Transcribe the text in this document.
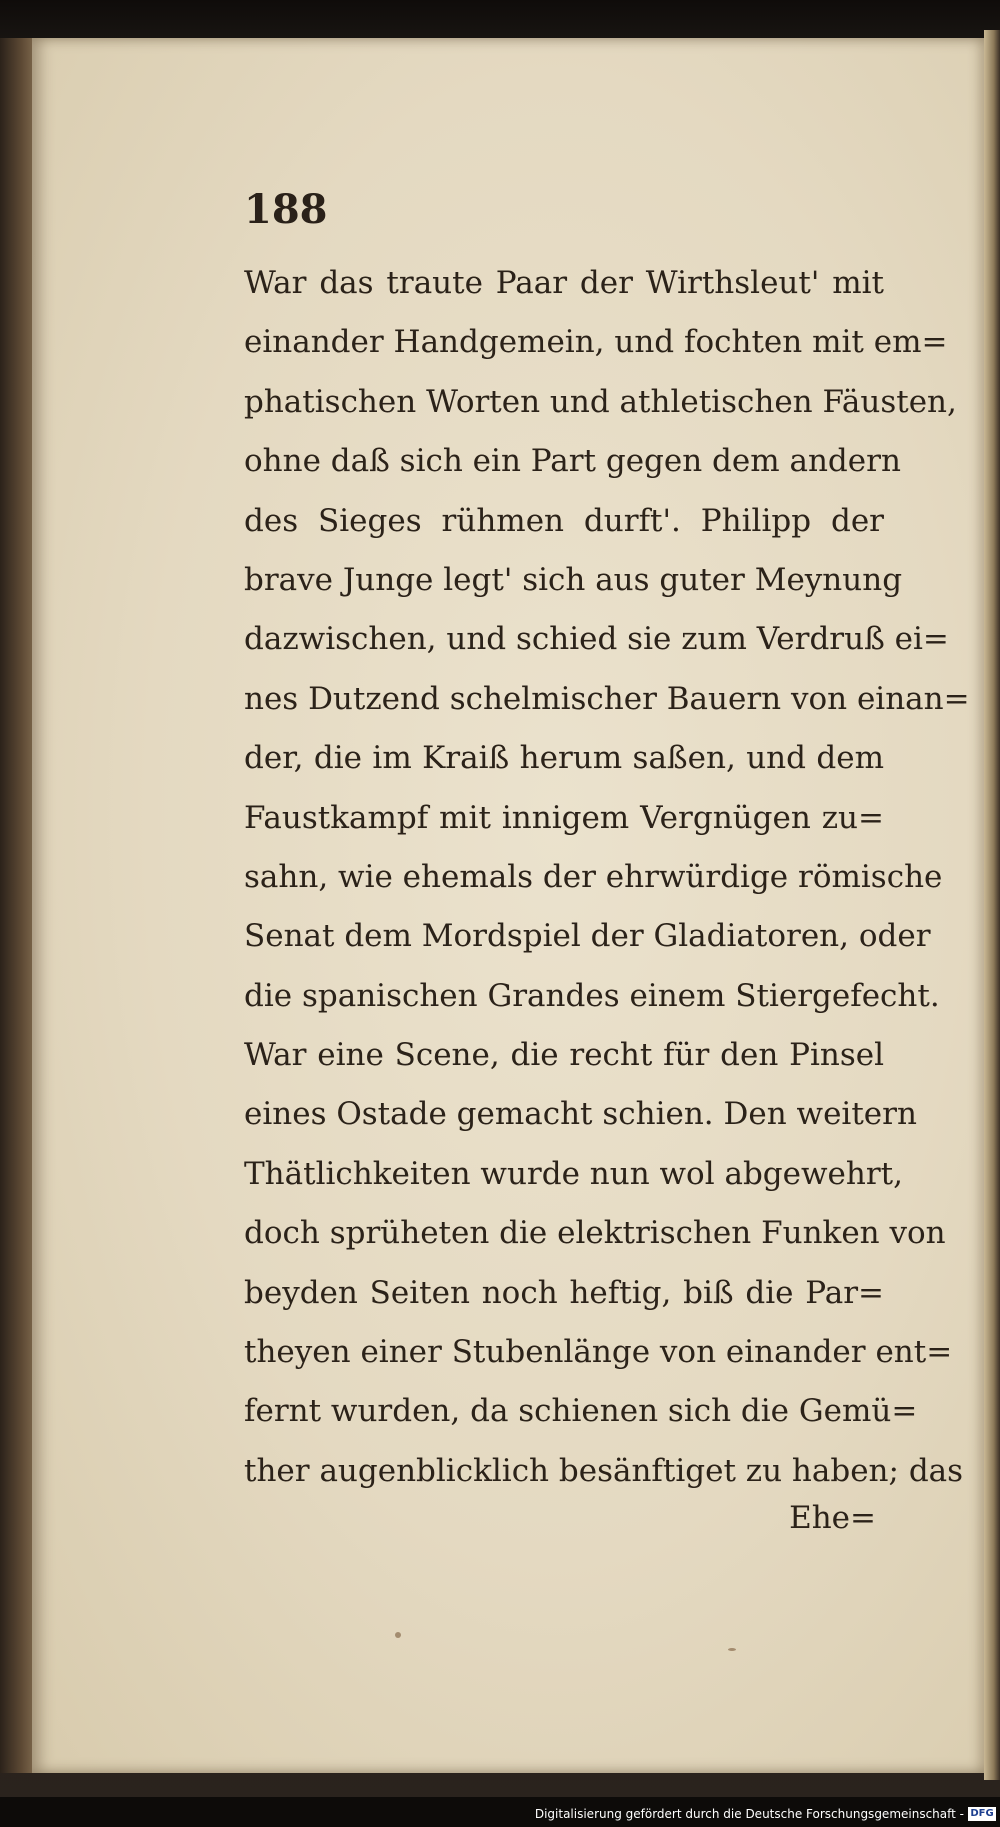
188
War das traute Paar der Wirthsleut' mit
einander Handgemein, und fochten mit em=
phatischen Worten und athletischen Fäusten,
ohne daß sich ein Part gegen dem andern
des Sieges rühmen durft'. Philipp der
brave Junge legt' sich aus guter Meynung
dazwischen, und schied sie zum Verdruß ei=
nes Dutzend schelmischer Bauern von einan=
der, die im Kraiß herum saßen, und dem
Faustkampf mit innigem Vergnügen zu=
sahn, wie ehemals der ehrwürdige römische
Senat dem Mordspiel der Gladiatoren, oder
die spanischen Grandes einem Stiergefecht.
War eine Scene, die recht für den Pinsel
eines Ostade gemacht schien. Den weitern
Thätlichkeiten wurde nun wol abgewehrt,
doch sprüheten die elektrischen Funken von
beyden Seiten noch heftig, biß die Par=
theyen einer Stubenlänge von einander ent=
fernt wurden, da schienen sich die Gemü=
ther augenblicklich besänftiget zu haben; das
Ehe=
Digitalisierung gefördert durch die Deutsche Forschungsgemeinschaft - DFG
